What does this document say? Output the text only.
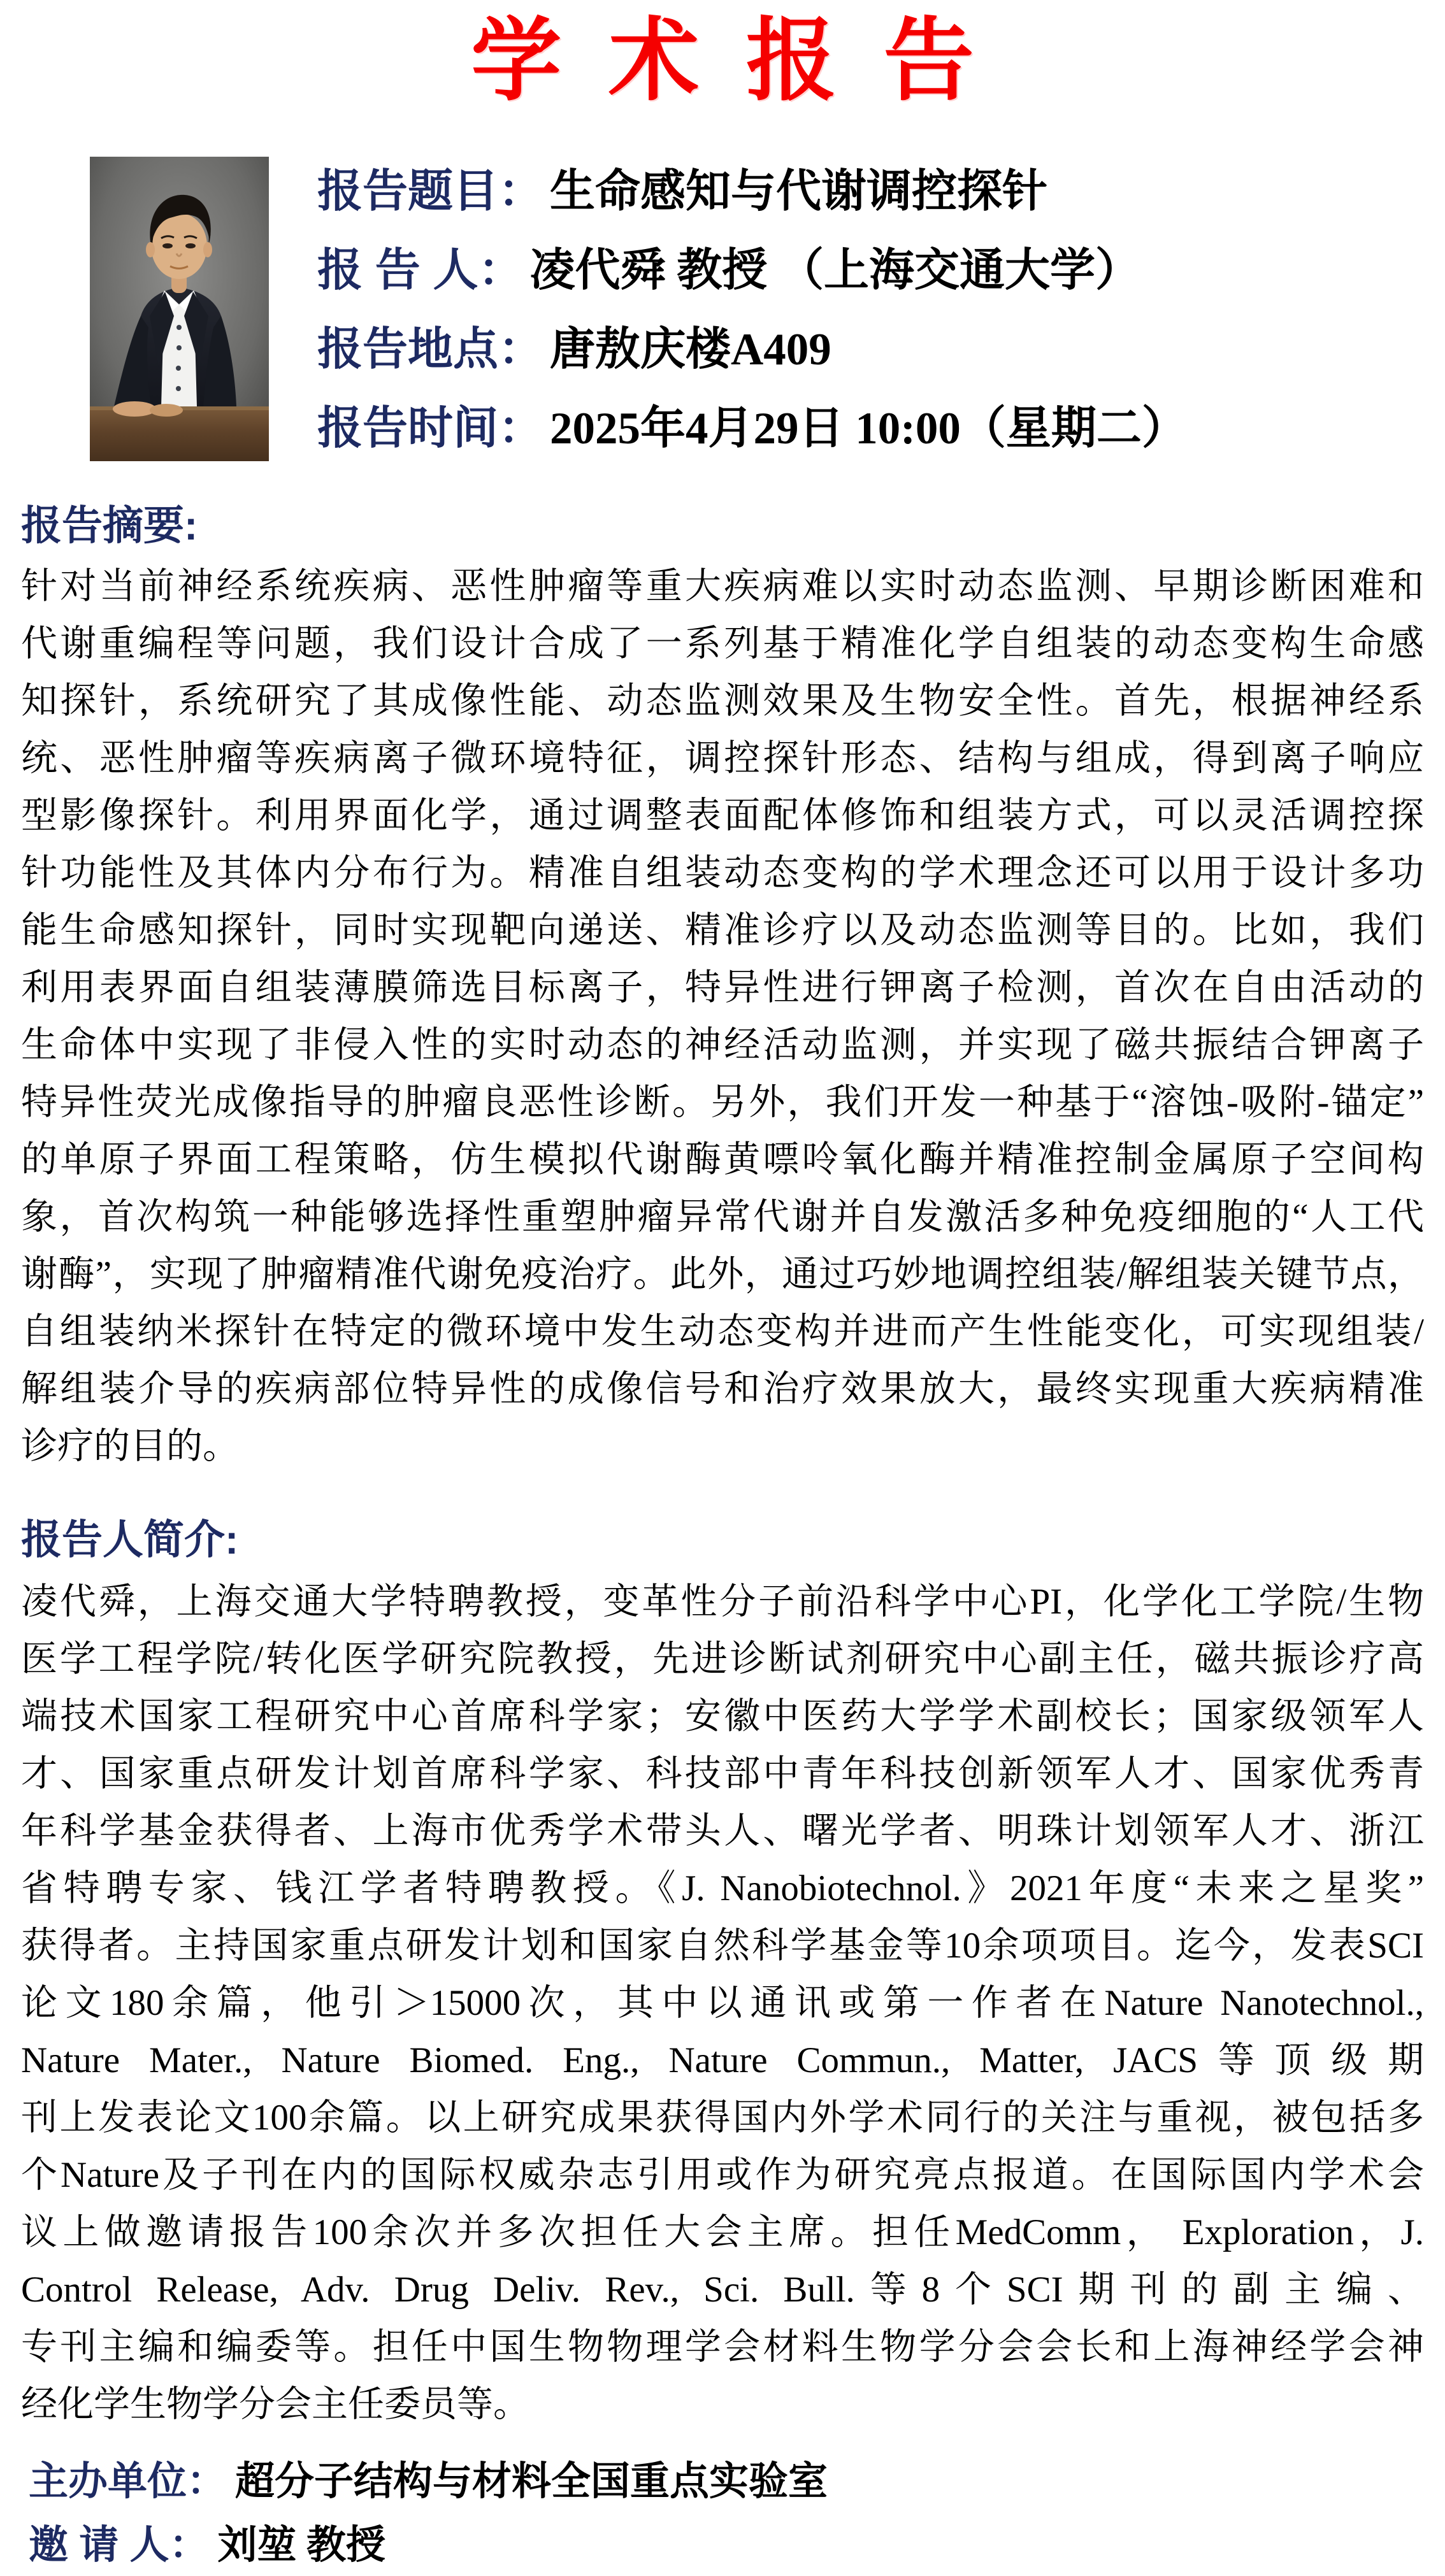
学术报告
报告题目： 生命感知与代谢调控探针
报 告 人： 凌代舜 教授 （上海交通大学）
报告地点： 唐敖庆楼A409
报告时间： 2025年4月29日 10:00（星期二）
报告摘要:
针对当前神经系统疾病、恶性肿瘤等重大疾病难以实时动态监测、早期诊断困难和
代谢重编程等问题，我们设计合成了一系列基于精准化学自组装的动态变构生命感
知探针，系统研究了其成像性能、动态监测效果及生物安全性。首先，根据神经系
统、恶性肿瘤等疾病离子微环境特征，调控探针形态、结构与组成，得到离子响应
型影像探针。利用界面化学，通过调整表面配体修饰和组装方式，可以灵活调控探
针功能性及其体内分布行为。精准自组装动态变构的学术理念还可以用于设计多功
能生命感知探针，同时实现靶向递送、精准诊疗以及动态监测等目的。比如，我们
利用表界面自组装薄膜筛选目标离子，特异性进行钾离子检测，首次在自由活动的
生命体中实现了非侵入性的实时动态的神经活动监测，并实现了磁共振结合钾离子
特异性荧光成像指导的肿瘤良恶性诊断。另外，我们开发一种基于“溶蚀-吸附-锚定”
的单原子界面工程策略，仿生模拟代谢酶黄嘌呤氧化酶并精准控制金属原子空间构
象，首次构筑一种能够选择性重塑肿瘤异常代谢并自发激活多种免疫细胞的“人工代
谢酶”，实现了肿瘤精准代谢免疫治疗。此外，通过巧妙地调控组装/解组装关键节点，
自组装纳米探针在特定的微环境中发生动态变构并进而产生性能变化，可实现组装/
解组装介导的疾病部位特异性的成像信号和治疗效果放大，最终实现重大疾病精准
诊疗的目的。
报告人简介:
凌代舜，上海交通大学特聘教授，变革性分子前沿科学中心PI，化学化工学院/生物
医学工程学院/转化医学研究院教授，先进诊断试剂研究中心副主任，磁共振诊疗高
端技术国家工程研究中心首席科学家；安徽中医药大学学术副校长；国家级领军人
才、国家重点研发计划首席科学家、科技部中青年科技创新领军人才、国家优秀青
年科学基金获得者、上海市优秀学术带头人、曙光学者、明珠计划领军人才、浙江
省特聘专家、钱江学者特聘教授。《J. Nanobiotechnol.》2021年度“未来之星奖”
获得者。主持国家重点研发计划和国家自然科学基金等10余项项目。迄今，发表SCI
论文180余篇，他引＞15000次，其中以通讯或第一作者在Nature Nanotechnol.,
Nature Mater., Nature Biomed. Eng., Nature Commun., Matter, JACS等顶级期
刊上发表论文100余篇。以上研究成果获得国内外学术同行的关注与重视，被包括多
个Nature及子刊在内的国际权威杂志引用或作为研究亮点报道。在国际国内学术会
议上做邀请报告100余次并多次担任大会主席。担任MedComm， Exploration，J.
Control Release, Adv. Drug Deliv. Rev., Sci. Bull.等8个SCI期刊的副主编、
专刊主编和编委等。担任中国生物物理学会材料生物学分会会长和上海神经学会神
经化学生物学分会主任委员等。
主办单位： 超分子结构与材料全国重点实验室
邀 请 人： 刘堃 教授
